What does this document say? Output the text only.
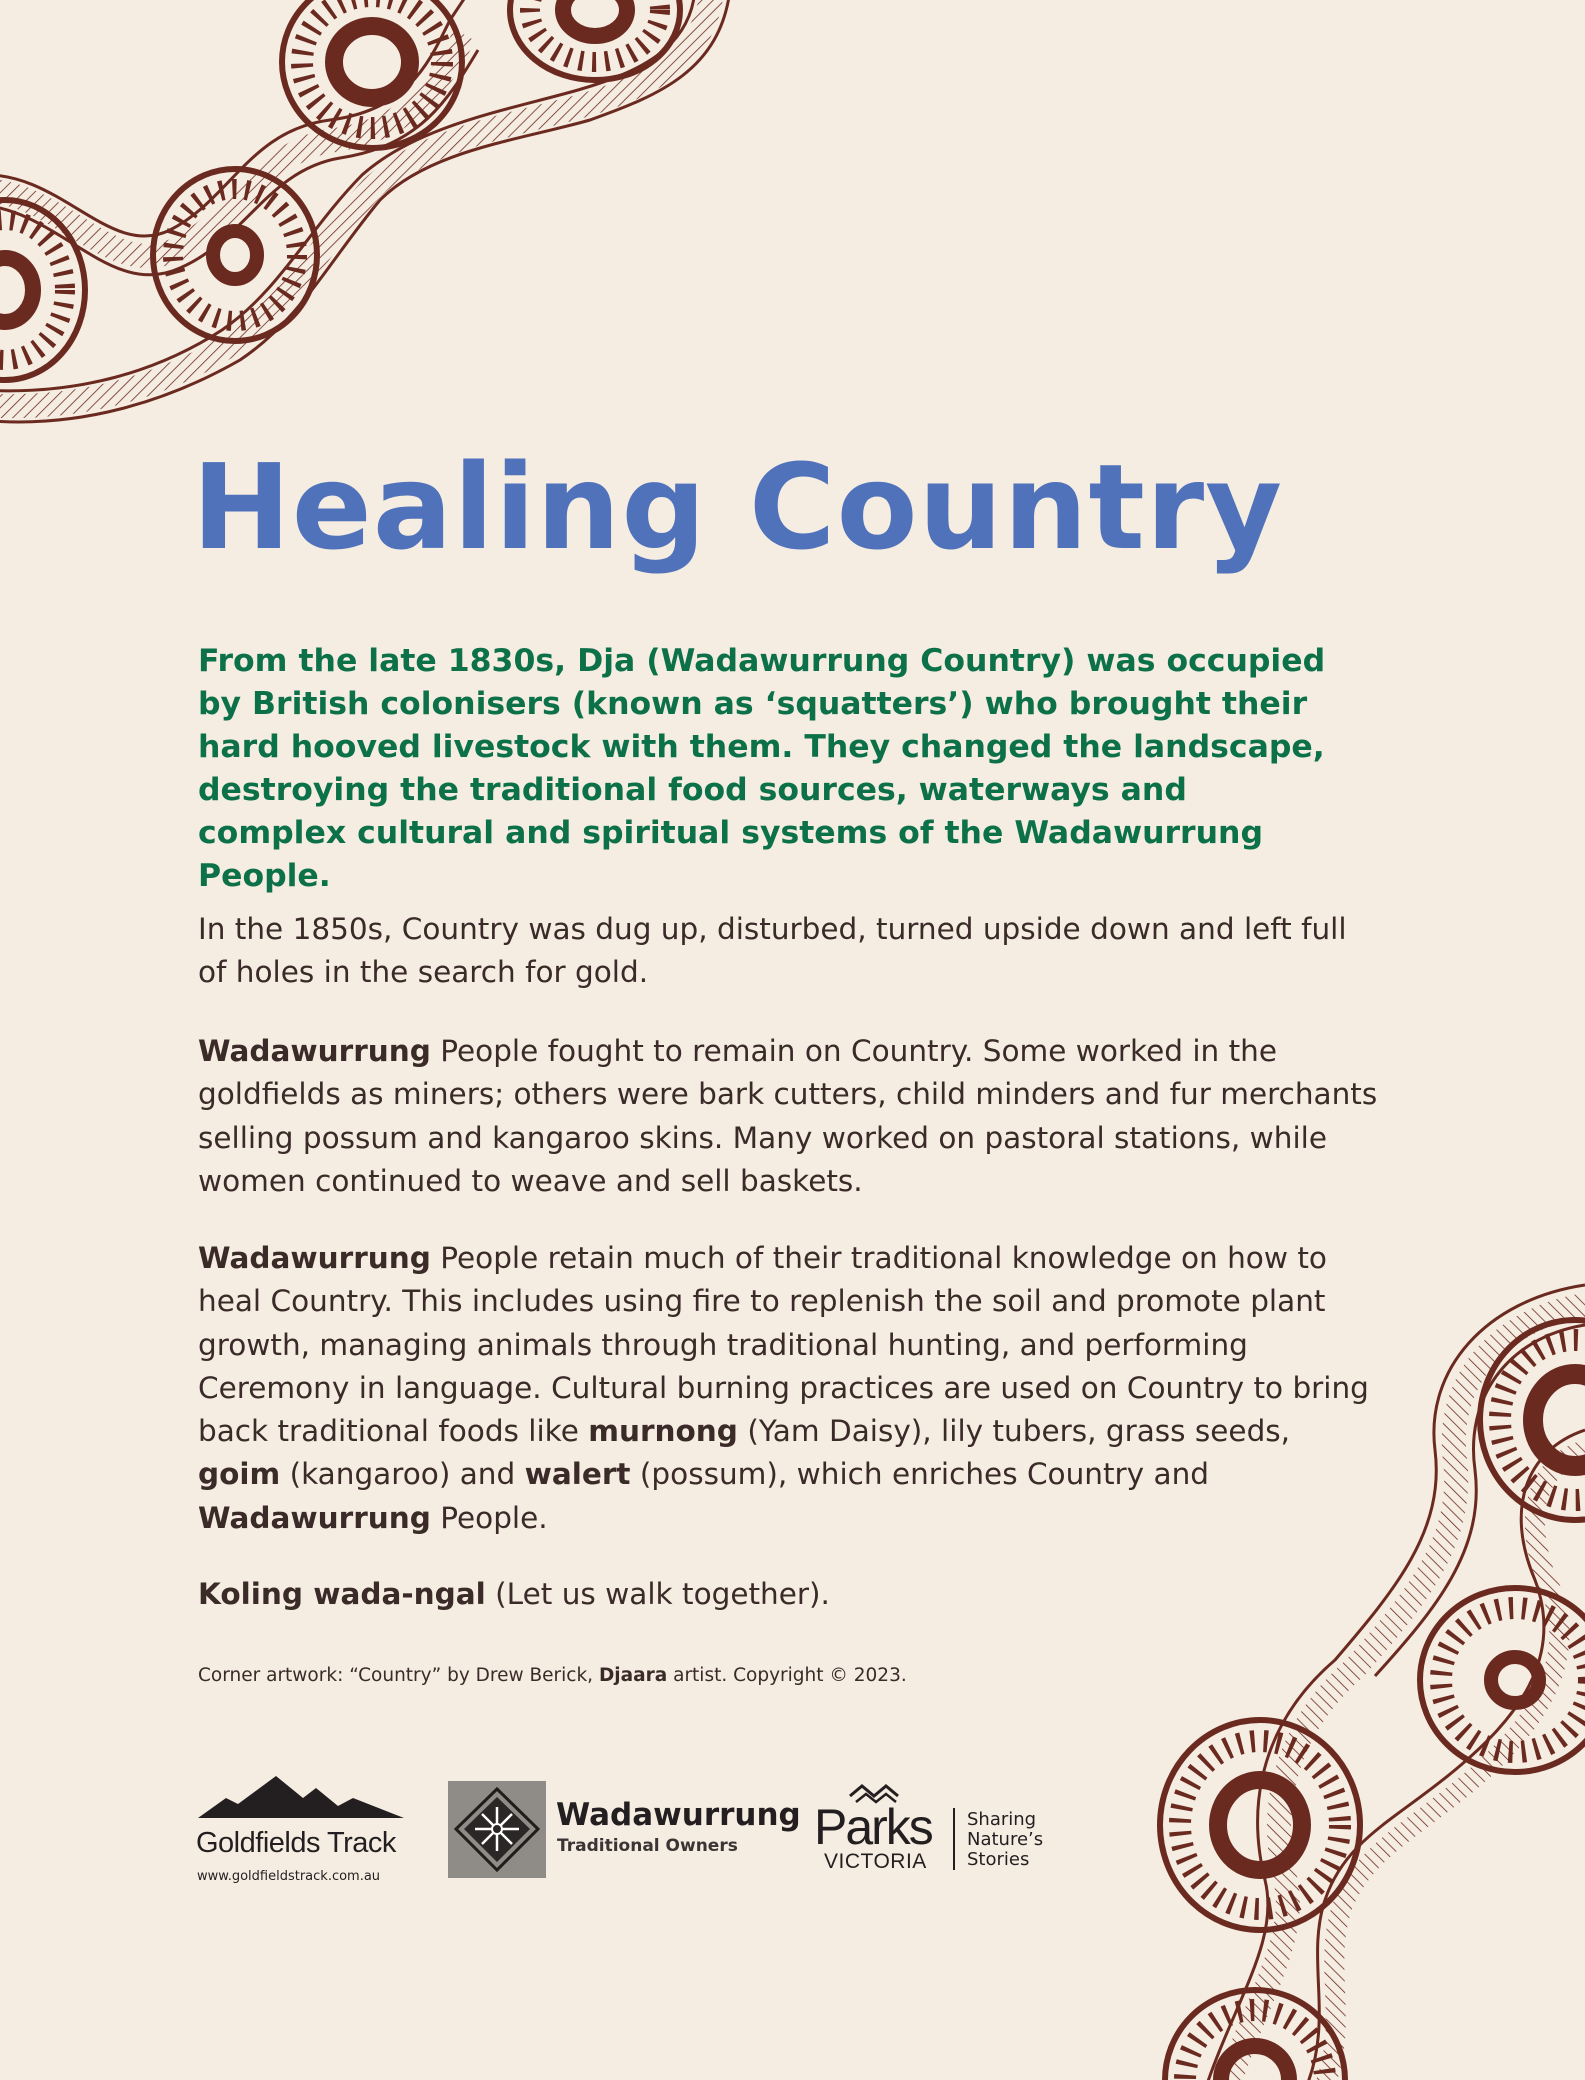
Healing Country

From the late 1830s, Dja (Wadawurrung Country) was occupied by British colonisers (known as ‘squatters’) who brought their hard hooved livestock with them. They changed the landscape, destroying the traditional food sources, waterways and complex cultural and spiritual systems of the Wadawurrung People.

In the 1850s, Country was dug up, disturbed, turned upside down and left full of holes in the search for gold.

Wadawurrung People fought to remain on Country. Some worked in the goldfields as miners; others were bark cutters, child minders and fur merchants selling possum and kangaroo skins. Many worked on pastoral stations, while women continued to weave and sell baskets.

Wadawurrung People retain much of their traditional knowledge on how to heal Country. This includes using fire to replenish the soil and promote plant growth, managing animals through traditional hunting, and performing Ceremony in language. Cultural burning practices are used on Country to bring back traditional foods like murnong (Yam Daisy), lily tubers, grass seeds, goim (kangaroo) and walert (possum), which enriches Country and Wadawurrung People.

Koling wada-ngal (Let us walk together).

Corner artwork: “Country” by Drew Berick, Djaara artist. Copyright © 2023.

Goldfields Track
www.goldfieldstrack.com.au
Wadawurrung
Traditional Owners Parks
VICTORIA
Sharing
Nature’s
Stories
